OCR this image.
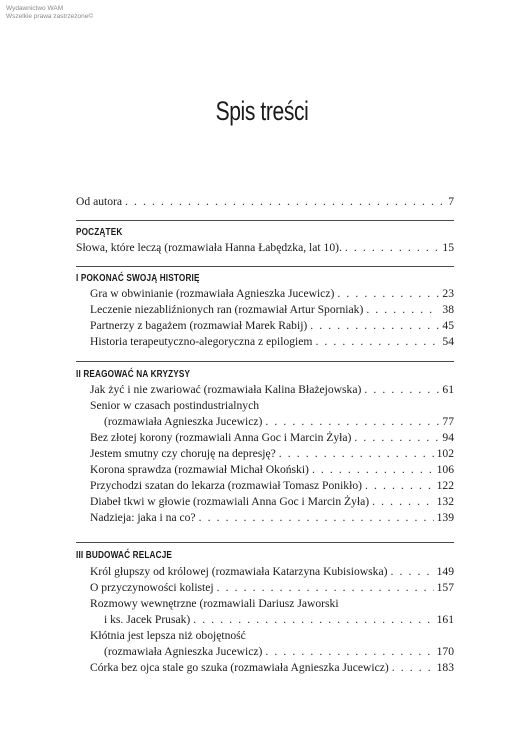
Wydawnictwo WAM
Wszelkie prawa zastrzeżone©
Spis treści
Od autora . . .	7
POCZĄTEK
Słowa, które leczą (rozmawiała Hanna Łabędzka, lat 10). . . .	15
I POKONAĆ SWOJĄ HISTORIĘ
Gra w obwinianie (rozmawiała Agnieszka Jucewicz) . . .	23
Leczenie niezabliźnionych ran (rozmawiał Artur Sporniak) . . .	38
Partnerzy z bagażem (rozmawiał Marek Rabij) . . .	45
Historia terapeutyczno-alegoryczna z epilogiem . . .	54
II REAGOWAĆ NA KRYZYSY
Jak żyć i nie zwariować (rozmawiała Kalina Błażejowska) . . .	61
Senior w czasach postindustrialnych
(rozmawiała Agnieszka Jucewicz) . . .	77
Bez złotej korony (rozmawiali Anna Goc i Marcin Żyła) . . .	94
Jestem smutny czy choruję na depresję? . . .	102
Korona sprawdza (rozmawiał Michał Okoński) . . .	106
Przychodzi szatan do lekarza (rozmawiał Tomasz Ponikło) . . .	122
Diabeł tkwi w głowie (rozmawiali Anna Goc i Marcin Żyła) . . .	132
Nadzieja: jaka i na co? . . .	139
III BUDOWAĆ RELACJE
Król głupszy od królowej (rozmawiała Katarzyna Kubisiowska) . . .	149
O przyczynowości kolistej . . .	157
Rozmowy wewnętrzne (rozmawiali Dariusz Jaworski
i ks. Jacek Prusak) . . .	161
Kłótnia jest lepsza niż obojętność
(rozmawiała Agnieszka Jucewicz) . . .	170
Córka bez ojca stale go szuka (rozmawiała Agnieszka Jucewicz) . . .	183
